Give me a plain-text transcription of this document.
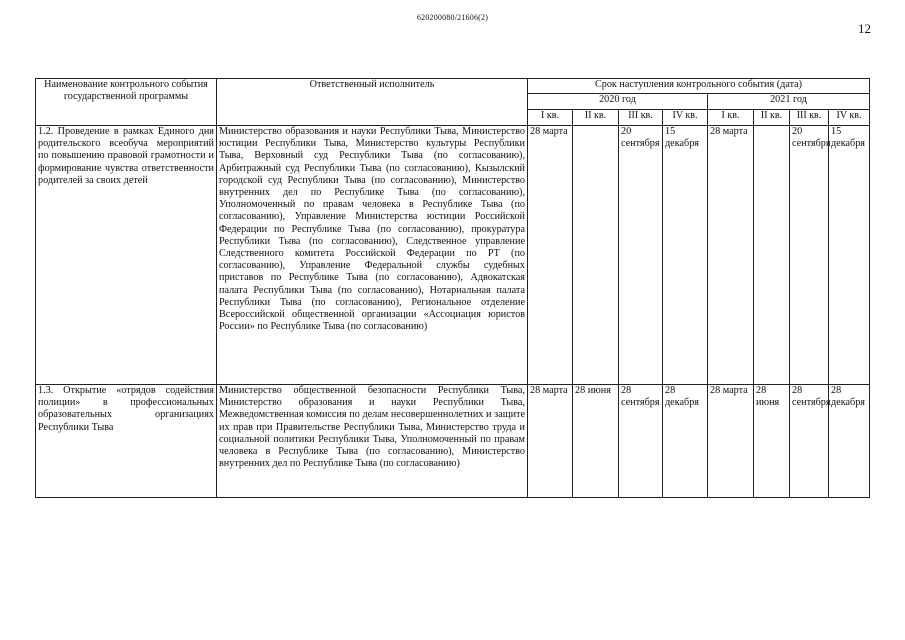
620200080/21606(2)
12
Наименование контрольного события государственной программы	Ответственный исполнитель	Срок наступления контрольного события (дата)							
		2020 год				2021 год			
		I кв.	II кв.	III кв.	IV кв.	I кв.	II кв.	III кв.	IV кв.
1.2. Проведение в рамках Единого дня родительского всеобуча мероприятий по повышению правовой грамотности и формирование чувства ответственности родителей за своих детей	Министерство образования и науки Республики Тыва, Министерство юстиции Республики Тыва, Министерство культуры Республики Тыва, Верховный суд Республики Тыва (по согласованию), Арбитражный суд Республики Тыва (по согласованию), Кызылский городской суд Республики Тыва (по согласованию), Министерство внутренних дел по Республике Тыва (по согласованию), Уполномоченный по правам человека в Республике Тыва (по согласованию), Управление Министерства юстиции Российской Федерации по Республике Тыва (по согласованию), прокуратура Республики Тыва (по согласованию), Следственное управление Следственного комитета Российской Федерации по РТ (по согласованию), Управление Федеральной службы судебных приставов по Республике Тыва (по согласованию), Адвокатская палата Республики Тыва (по согласованию), Нотариальная палата Республики Тыва (по согласованию), Региональное отделение Всероссийской общественной организации «Ассоциация юристов России» по Республике Тыва (по согласованию)	28 марта		20 сентября	15 декабря	28 марта		20 сентября	15 декабря
1.3. Открытие «отрядов содействия полиции» в профессиональных образовательных организациях Республики Тыва	Министерство общественной безопасности Республики Тыва, Министерство образования и науки Республики Тыва, Межведомственная комиссия по делам несовершеннолетних и защите их прав при Правительстве Республики Тыва, Министерство труда и социальной политики Республики Тыва, Уполномоченный по правам человека в Республике Тыва (по согласованию), Министерство внутренних дел по Республике Тыва (по согласованию)	28 марта	28 июня	28 сентября	28 декабря	28 марта	28 июня	28 сентября	28 декабря
